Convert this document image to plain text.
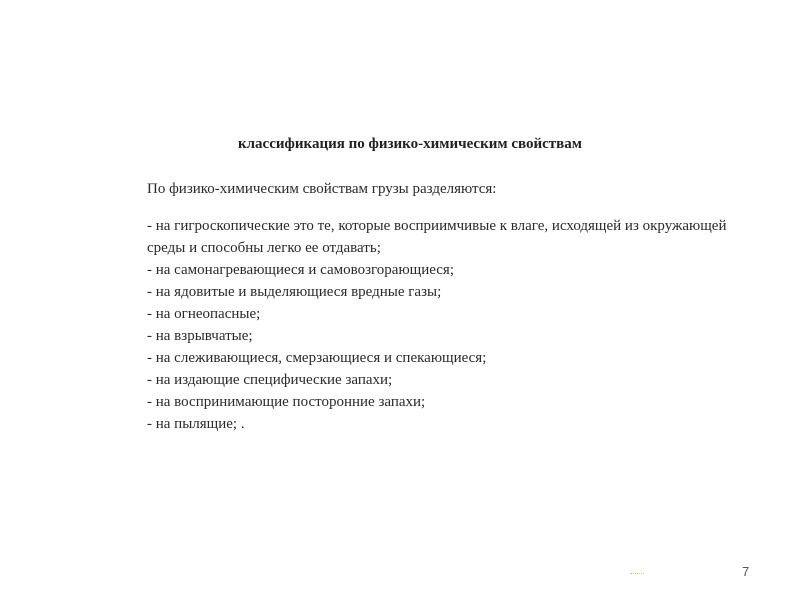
классификация по физико-химическим свойствам

По физико-химическим свойствам грузы разделяются:

- на гигроскопические это те, которые восприимчивые к влаге, исходящей из окружающей среды и способны легко ее отдавать;
- на самонагревающиеся и самовозгорающиеся;
- на ядовитые и выделяющиеся вредные газы;
- на огнеопасные;
- на взрывчатые;
- на слеживающиеся, смерзающиеся и спекающиеся;
- на издающие специфические запахи;
- на воспринимающие посторонние запахи;
- на пылящие; .
7
